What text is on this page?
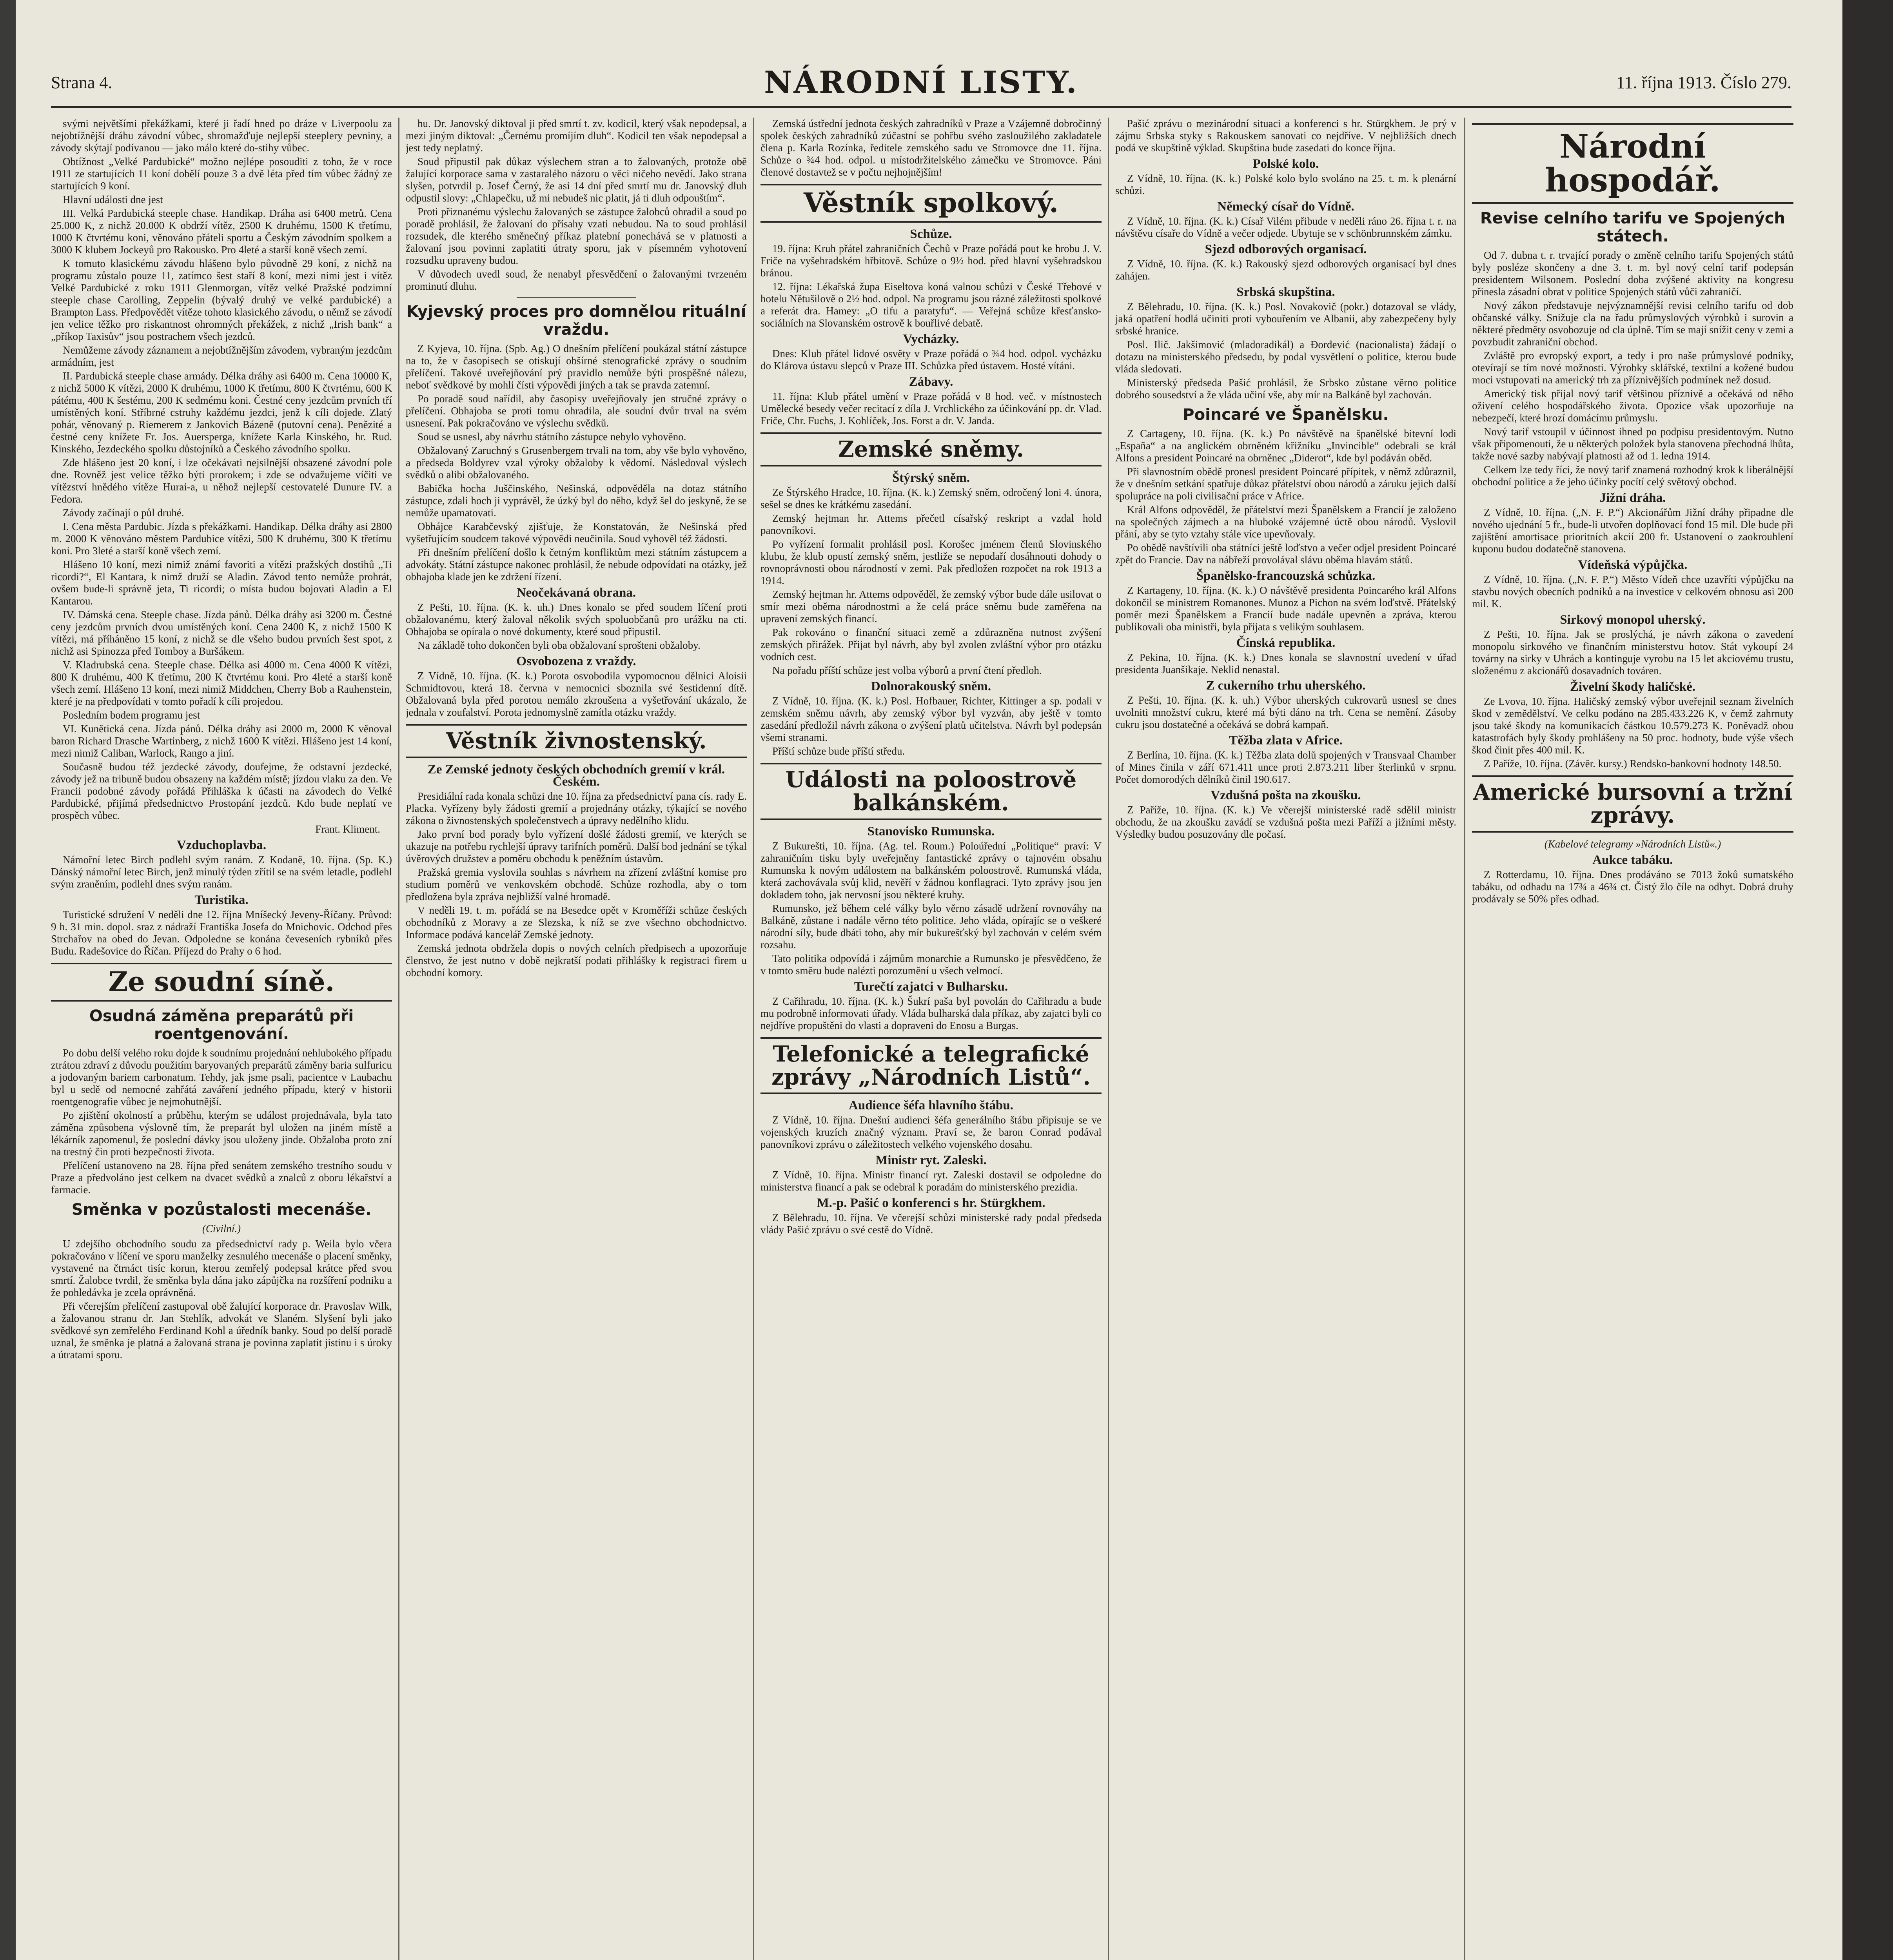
Strana 4.	NÁRODNÍ LISTY.	11. října 1913. Číslo 279.

svými největšími překážkami, které ji řadí hned po dráze v Liverpoolu za nejobtížnější dráhu závodní vůbec, shromažďuje nejlepší steeplery pevniny, a závody skýtají podívanou — jako málo které do-stihy vůbec.

Obtížnost „Velké Pardubické“ možno nejlépe posouditi z toho, že v roce 1911 ze startujících 11 koní dobělí pouze 3 a dvě léta před tím vůbec žádný ze startujících 9 koní.

Hlavní události dne jest

III. Velká Pardubická steeple chase. Handikap. Dráha asi 6400 metrů. Cena 25.000 K, z nichž 20.000 K obdrží vítěz, 2500 K druhému, 1500 K třetímu, 1000 K čtvrtému koni, věnováno přáteli sportu a Českým závodním spolkem a 3000 K klubem Jockeyů pro Rakousko. Pro 4leté a starší koně všech zemí.

K tomuto klasickému závodu hlášeno bylo původně 29 koní, z nichž na programu zůstalo pouze 11, zatímco šest staří 8 koní, mezi nimi jest i vítěz Velké Pardubické z roku 1911 Glenmorgan, vítěz velké Pražské podzimní steeple chase Carolling, Zeppelin (bývalý druhý ve velké pardubické) a Brampton Lass. Předpovědět vítěze tohoto klasického závodu, o němž se závodí jen velice těžko pro riskantnost ohromných překážek, z nichž „Irish bank“ a „příkop Taxisův“ jsou postrachem všech jezdců.

Nemůžeme závody záznamem a nejobtížnějším závodem, vybraným jezdcům armádním, jest

II. Pardubická steeple chase armády. Délka dráhy asi 6400 m. Cena 10000 K, z nichž 5000 K vítězi, 2000 K druhému, 1000 K třetímu, 800 K čtvrtému, 600 K pátému, 400 K šestému, 200 K sedmému koni. Čestné ceny jezdcům prvních tří umístěných koní. Stříbrné cstruhy každému jezdci, jenž k cíli dojede. Zlatý pohár, věnovaný p. Riemerem z Jankovich Bázeně (putovní cena). Penězité a čestné ceny knížete Fr. Jos. Auersperga, knížete Karla Kinského, hr. Rud. Kinského, Jezdeckého spolku důstojníků a Českého závodního spolku.

Zde hlášeno jest 20 koní, i lze očekávati nejsilnější obsazené závodní pole dne. Rovněž jest velice těžko býti prorokem; i zde se odvažujeme víčiti ve vítězství hnědého vítěze Hurai-a, u něhož nejlepší cestovatelé Dunure IV. a Fedora.

Závody začínají o půl druhé.

I. Cena města Pardubic. Jízda s překážkami. Handikap. Délka dráhy asi 2800 m. 2000 K věnováno městem Pardubice vítězi, 500 K druhému, 300 K třetímu koni. Pro 3leté a starší koně všech zemí.

Hlášeno 10 koní, mezi nimiž známí favoriti a vítězi pražských dostihů „Ti ricordi?“, El Kantara, k nimž druží se Aladin. Závod tento nemůže prohrát, ovšem bude-li správně jeta, Ti ricordi; o místa budou bojovati Aladin a El Kantarou.

IV. Dámská cena. Steeple chase. Jízda pánů. Délka dráhy asi 3200 m. Čestné ceny jezdcům prvních dvou umístěných koní. Cena 2400 K, z nichž 1500 K vítězi, má příháněno 15 koní, z nichž se dle všeho budou prvních šest spot, z nichž asi Spinozza před Tomboy a Buršákem.

V. Kladrubská cena. Steeple chase. Délka asi 4000 m. Cena 4000 K vítězi, 800 K druhému, 400 K třetímu, 200 K čtvrtému koni. Pro 4leté a starší koně všech zemí. Hlášeno 13 koní, mezi nimiž Middchen, Cherry Bob a Rauhenstein, které je na předpovídati v tomto pořadí k cíli projedou.

Posledním bodem programu jest

VI. Kunětická cena. Jízda pánů. Délka dráhy asi 2000 m, 2000 K věnoval baron Richard Drasche Wartinberg, z nichž 1600 K vítězi. Hlášeno jest 14 koní, mezi nimiž Caliban, Warlock, Rango a jiní.

Současně budou též jezdecké závody, doufejme, že odstavní jezdecké, závody jež na tribuně budou obsazeny na každém místě; jízdou vlaku za den. Ve Francii podobné závody pořádá Přihláška k účasti na závodech do Velké Pardubické, přijímá předsednictvo Prostopání jezdců. Kdo bude neplatí ve prospěch vůbec.

Frant. Kliment.

Vzduchoplavba.

Námořní letec Birch podlehl svým ranám. Z Kodaně, 10. října. (Sp. K.) Dánský námořní letec Birch, jenž minulý týden zřítil se na svém letadle, podlehl svým zraněním, podlehl dnes svým ranám.

Turistika.

Turistické sdružení V neděli dne 12. října Mníšecký Jeveny-Říčany. Průvod: 9 h. 31 min. dopol. sraz z nádraží Františka Josefa do Mnichovic. Odchod přes Strchařov na obed do Jevan. Odpoledne se konána čeveseních rybníků přes Budu. Radešovice do Říčan. Příjezd do Prahy o 6 hod.

Ze soudní síně.
Osudná záměna preparátů při roentgenování.

Po dobu delší velého roku dojde k soudnímu projednání nehlubokého případu ztrátou zdraví z důvodu použitím baryovaných preparátů záměny baria sulfuricu a jodovaným bariem carbonatum. Tehdy, jak jsme psali, pacientce v Laubachu byl u sedě od nemocné zahřátá zaváření jedného případu, který v historii roentgenografie vůbec je nejmohutnější.

Po zjištění okolností a průběhu, kterým se událost projednávala, byla tato záměna způsobena výslovně tím, že preparát byl uložen na jiném místě a lékárník zapomenul, že poslední dávky jsou uloženy jinde. Obžaloba proto zní na trestný čin proti bezpečnosti života.

Přelíčení ustanoveno na 28. října před senátem zemského trestního soudu v Praze a předvoláno jest celkem na dvacet svědků a znalců z oboru lékařství a farmacie.

Směnka v pozůstalosti mecenáše.

(Civilní.)

U zdejšího obchodního soudu za předsednictví rady p. Weila bylo včera pokračováno v líčení ve sporu manželky zesnulého mecenáše o placení směnky, vystavené na čtrnáct tisíc korun, kterou zemřelý podepsal krátce před svou smrtí. Žalobce tvrdil, že směnka byla dána jako zápůjčka na rozšíření podniku a že pohledávka je zcela oprávněná.

Při včerejším přelíčení zastupoval obě žalující korporace dr. Pravoslav Wilk, a žalovanou stranu dr. Jan Stehlík, advokát ve Slaném. Slyšení byli jako svědkové syn zemřelého Ferdinand Kohl a úředník banky. Soud po delší poradě uznal, že směnka je platná a žalovaná strana je povinna zaplatit jistinu i s úroky a útratami sporu.

hu. Dr. Janovský diktoval ji před smrtí t. zv. kodicil, který však nepodepsal, a mezi jiným diktoval: „Černému promíjím dluh“. Kodicil ten však nepodepsal a jest tedy neplatný.

Soud připustil pak důkaz výslechem stran a to žalovaných, protože obě žalující korporace sama v zastaralého názoru o věci ničeho nevědí. Jako strana slyšen, potvrdil p. Josef Černý, že asi 14 dní před smrtí mu dr. Janovský dluh odpustil slovy: „Chlapečku, už mi nebudeš nic platit, já ti dluh odpouštím“.

Proti přiznanému výslechu žalovaných se zástupce žalobců ohradil a soud po poradě prohlásil, že žalovaní do přísahy vzati nebudou. Na to soud prohlásil rozsudek, dle kterého směnečný příkaz platební ponechává se v platnosti a žalovaní jsou povinni zaplatiti útraty sporu, jak v písemném vyhotovení rozsudku upraveny budou.

V důvodech uvedl soud, že nenabyl přesvědčení o žalovanými tvrzeném prominutí dluhu.

Kyjevský proces pro domnělou rituální vraždu.

Z Kyjeva, 10. října. (Spb. Ag.) O dnešním přelíčení poukázal státní zástupce na to, že v časopisech se otiskují obšírné stenografické zprávy o soudním přelíčení. Takové uveřejňování prý pravidlo nemůže býti prospěšné nálezu, neboť svědkové by mohli čísti výpovědi jiných a tak se pravda zatemní.

Po poradě soud nařídil, aby časopisy uveřejňovaly jen stručné zprávy o přelíčení. Obhajoba se proti tomu ohradila, ale soudní dvůr trval na svém usnesení. Pak pokračováno ve výslechu svědků.

Soud se usnesl, aby návrhu státního zástupce nebylo vyhověno.

Obžalovaný Zaruchný s Grusenbergem trvali na tom, aby vše bylo vyhověno, a předseda Boldyrev vzal výroky obžaloby k vědomí. Následoval výslech svědků o alibi obžalovaného.

Babička hocha Juščinského, Nešinská, odpověděla na dotaz státního zástupce, zdali hoch ji vyprávěl, že úzký byl do něho, když šel do jeskyně, že se nemůže upamatovati.

Obhájce Karabčevský zjišťuje, že Konstatován, že Nešinská před vyšetřujícím soudcem takové výpovědi neučinila. Soud vyhověl též žádosti.

Při dnešním přelíčení došlo k četným konfliktům mezi státním zástupcem a advokáty. Státní zástupce nakonec prohlásil, že nebude odpovídati na otázky, jež obhajoba klade jen ke zdržení řízení.

Neočekávaná obrana.

Z Pešti, 10. října. (K. k. uh.) Dnes konalo se před soudem líčení proti obžalovanému, který žaloval několik svých spoluobčanů pro urážku na cti. Obhajoba se opírala o nové dokumenty, které soud připustil.

Na základě toho dokončen byli oba obžalovaní sprošteni obžaloby.

Osvobozena z vraždy.

Z Vídně, 10. října. (K. k.) Porota osvobodila vypomocnou dělnici Aloisii Schmidtovou, která 18. června v nemocnici sboznila své šestidenní dítě. Obžalovaná byla před porotou nemálo zkroušena a vyšetřování ukázalo, že jednala v zoufalství. Porota jednomyslně zamítla otázku vraždy.

Věstník živnostenský.
Ze Zemské jednoty českých obchodních gremií v král. Českém.

Presidiální rada konala schůzi dne 10. října za předsednictví pana cís. rady E. Placka. Vyřízeny byly žádosti gremií a projednány otázky, týkající se nového zákona o živnostenských společenstvech a úpravy nedělního klidu.

Jako první bod porady bylo vyřízení došlé žádosti gremií, ve kterých se ukazuje na potřebu rychlejší úpravy tarifních poměrů. Další bod jednání se týkal úvěrových družstev a poměru obchodu k peněžním ústavům.

Pražská gremia vyslovila souhlas s návrhem na zřízení zvláštní komise pro studium poměrů ve venkovském obchodě. Schůze rozhodla, aby o tom předložena byla zpráva nejbližší valné hromadě.

V neděli 19. t. m. pořádá se na Besedce opět v Kroměříži schůze českých obchodníků z Moravy a ze Slezska, k níž se zve všechno obchodnictvo. Informace podává kancelář Zemské jednoty.

Zemská jednota obdržela dopis o nových celních předpisech a upozorňuje členstvo, že jest nutno v době nejkratší podati přihlášky k registraci firem u obchodní komory.

Zemská ústřední jednota českých zahradníků v Praze a Vzájemně dobročinný spolek českých zahradníků zúčastní se pohřbu svého zasloužilého zakladatele člena p. Karla Rozínka, ředitele zemského sadu ve Stromovce dne 11. října. Schůze o ¾4 hod. odpol. u místodržitelského zámečku ve Stromovce. Páni členové dostavtež se v počtu nejhojnějším!

Věstník spolkový.
Schůze.

19. října: Kruh přátel zahraničních Čechů v Praze pořádá pout ke hrobu J. V. Friče na vyšehradském hřbitově. Schůze o 9½ hod. před hlavní vyšehradskou bránou.

12. října: Lékařská župa Eiseltova koná valnou schůzi v České Třebové v hotelu Nětušilově o 2½ hod. odpol. Na programu jsou rázné záležitosti spolkové a referát dra. Hamey: „O tifu a paratyfu“. — Veřejná schůze křesťansko-sociálních na Slovanském ostrově k bouřlivé debatě.

Vycházky.

Dnes: Klub přátel lidové osvěty v Praze pořádá o ¾4 hod. odpol. vycházku do Klárova ústavu slepců v Praze III. Schůzka před ústavem. Hosté vítáni.

Zábavy.

11. října: Klub přátel umění v Praze pořádá v 8 hod. več. v místnostech Umělecké besedy večer recitací z díla J. Vrchlického za účinkování pp. dr. Vlad. Friče, Chr. Fuchs, J. Kohlíček, Jos. Forst a dr. V. Janda.

Zemské sněmy.
Štýrský sněm.

Ze Štýrského Hradce, 10. října. (K. k.) Zemský sněm, odročený loni 4. února, sešel se dnes ke krátkému zasedání.

Zemský hejtman hr. Attems přečetl císařský reskript a vzdal hold panovníkovi.

Po vyřízení formalit prohlásil posl. Korošec jménem členů Slovinského klubu, že klub opustí zemský sněm, jestliže se nepodaří dosáhnouti dohody o rovnoprávnosti obou národností v zemi. Pak předložen rozpočet na rok 1913 a 1914.

Zemský hejtman hr. Attems odpověděl, že zemský výbor bude dále usilovat o smír mezi oběma národnostmi a že celá práce sněmu bude zaměřena na upravení zemských financí.

Pak rokováno o finanční situaci země a zdůrazněna nutnost zvýšení zemských přirážek. Přijat byl návrh, aby byl zvolen zvláštní výbor pro otázku vodních cest.

Na pořadu příští schůze jest volba výborů a první čtení předloh.

Dolnorakouský sněm.

Z Vídně, 10. října. (K. k.) Posl. Hofbauer, Richter, Kittinger a sp. podali v zemském sněmu návrh, aby zemský výbor byl vyzván, aby ještě v tomto zasedání předložil návrh zákona o zvýšení platů učitelstva. Návrh byl podepsán všemi stranami.

Příští schůze bude příští středu.

Události na poloostrově balkánském.
Stanovisko Rumunska.

Z Bukurešti, 10. října. (Ag. tel. Roum.) Poloúřední „Politique“ praví: V zahraničním tisku byly uveřejněny fantastické zprávy o tajnovém obsahu Rumunska k novým událostem na balkánském poloostrově. Rumunská vláda, která zachovávala svůj klid, nevěří v žádnou konflagraci. Tyto zprávy jsou jen dokladem toho, jak nervosní jsou některé kruhy.

Rumunsko, jež během celé války bylo věrno zásadě udržení rovnováhy na Balkáně, zůstane i nadále věrno této politice. Jeho vláda, opírajíc se o veškeré národní síly, bude dbáti toho, aby mír bukurešťský byl zachován v celém svém rozsahu.

Tato politika odpovídá i zájmům monarchie a Rumunsko je přesvědčeno, že v tomto směru bude nalézti porozumění u všech velmocí.

Turečtí zajatci v Bulharsku.

Z Cařihradu, 10. října. (K. k.) Šukrí paša byl povolán do Cařihradu a bude mu podrobně informovati úřady. Vláda bulharská dala příkaz, aby zajatci byli co nejdříve propuštěni do vlasti a dopraveni do Enosu a Burgas.

Telefonické a telegrafické zprávy „Národních Listů“.
Audience šéfa hlavního štábu.

Z Vídně, 10. října. Dnešní audienci šéfa generálního štábu připisuje se ve vojenských kruzích značný význam. Praví se, že baron Conrad podával panovníkovi zprávu o záležitostech velkého vojenského dosahu.

Ministr ryt. Zaleski.

Z Vídně, 10. října. Ministr financí ryt. Zaleski dostavil se odpoledne do ministerstva financí a pak se odebral k poradám do ministerského prezidia.

M.-p. Pašić o konferenci s hr. Stürgkhem.

Z Bělehradu, 10. října. Ve včerejší schůzi ministerské rady podal předseda vlády Pašić zprávu o své cestě do Vídně.

Pašić zprávu o mezinárodní situaci a konferenci s hr. Stürgkhem. Je prý v zájmu Srbska styky s Rakouskem sanovati co nejdříve. V nejbližších dnech podá ve skupštině výklad. Skupština bude zasedati do konce října.

Polské kolo.

Z Vídně, 10. října. (K. k.) Polské kolo bylo svoláno na 25. t. m. k plenární schůzi.

Německý císař do Vídně.

Z Vídně, 10. října. (K. k.) Císař Vilém přibude v neděli ráno 26. října t. r. na návštěvu císaře do Vídně a večer odjede. Ubytuje se v schönbrunnském zámku.

Sjezd odborových organisací.

Z Vídně, 10. října. (K. k.) Rakouský sjezd odborových organisací byl dnes zahájen.

Srbská skupština.

Z Bělehradu, 10. října. (K. k.) Posl. Novakovič (pokr.) dotazoval se vlády, jaká opatření hodlá učiniti proti vybouřením ve Albanii, aby zabezpečeny byly srbské hranice.

Posl. Ilič. Jakšimović (mladoradikál) a Đorđević (nacionalista) žádají o dotazu na ministerského předsedu, by podal vysvětlení o politice, kterou bude vláda sledovati.

Ministerský předseda Pašić prohlásil, že Srbsko zůstane věrno politice dobrého sousedství a že vláda učiní vše, aby mír na Balkáně byl zachován.

Poincaré ve Španělsku.

Z Cartageny, 10. října. (K. k.) Po návštěvě na španělské bitevní lodi „España“ a na anglickém obrněném křižníku „Invincible“ odebrali se král Alfons a president Poincaré na obrněnec „Diderot“, kde byl podáván oběd.

Při slavnostním obědě pronesl president Poincaré přípitek, v němž zdůraznil, že v dnešním setkání spatřuje důkaz přátelství obou národů a záruku jejich další spolupráce na poli civilisační práce v Africe.

Král Alfons odpověděl, že přátelství mezi Španělskem a Francií je založeno na společných zájmech a na hluboké vzájemné úctě obou národů. Vyslovil přání, aby se tyto vztahy stále více upevňovaly.

Po obědě navštívili oba státníci ještě loďstvo a večer odjel president Poincaré zpět do Francie. Dav na nábřeží provolával slávu oběma hlavám států.

Španělsko-francouzská schůzka.

Z Kartageny, 10. října. (K. k.) O návštěvě presidenta Poincarého král Alfons dokončil se ministrem Romanones. Munoz a Pichon na svém loďstvě. Přátelský poměr mezi Španělskem a Francií bude nadále upevněn a zpráva, kterou publikovali oba ministři, byla přijata s velikým souhlasem.

Čínská republika.

Z Pekina, 10. října. (K. k.) Dnes konala se slavnostní uvedení v úřad presidenta Juanšikaje. Neklid nenastal.

Z cukerního trhu uherského.

Z Pešti, 10. října. (K. k. uh.) Výbor uherských cukrovarů usnesl se dnes uvolniti množství cukru, které má býti dáno na trh. Cena se nemění. Zásoby cukru jsou dostatečné a očekává se dobrá kampaň.

Těžba zlata v Africe.

Z Berlína, 10. října. (K. k.) Těžba zlata dolů spojených v Transvaal Chamber of Mines činila v září 671.411 unce proti 2.873.211 liber šterlinků v srpnu. Počet domorodých dělníků činil 190.617.

Vzdušná pošta na zkoušku.

Z Paříže, 10. října. (K. k.) Ve včerejší ministerské radě sdělil ministr obchodu, že na zkoušku zavádí se vzdušná pošta mezi Paříží a jižními městy. Výsledky budou posuzovány dle počasí.

Národní hospodář.
Revise celního tarifu ve Spojených státech.

Od 7. dubna t. r. trvající porady o změně celního tarifu Spojených států byly posléze skončeny a dne 3. t. m. byl nový celní tarif podepsán presidentem Wilsonem. Poslední doba zvýšené aktivity na kongresu přinesla zásadní obrat v politice Spojených států vůči zahraničí.

Nový zákon představuje nejvýznamnější revisi celního tarifu od dob občanské války. Snižuje cla na řadu průmyslových výrobků i surovin a některé předměty osvobozuje od cla úplně. Tím se mají snížit ceny v zemi a povzbudit zahraniční obchod.

Zvláště pro evropský export, a tedy i pro naše průmyslové podniky, otevírají se tím nové možnosti. Výrobky sklářské, textilní a kožené budou moci vstupovati na americký trh za příznivějších podmínek než dosud.

Americký tisk přijal nový tarif většinou příznivě a očekává od něho oživení celého hospodářského života. Opozice však upozorňuje na nebezpečí, které hrozí domácímu průmyslu.

Nový tarif vstoupil v účinnost ihned po podpisu presidentovým. Nutno však připomenouti, že u některých položek byla stanovena přechodná lhůta, takže nové sazby nabývají platnosti až od 1. ledna 1914.

Celkem lze tedy říci, že nový tarif znamená rozhodný krok k liberálnější obchodní politice a že jeho účinky pocítí celý světový obchod.

Jižní dráha.

Z Vídně, 10. října. („N. F. P.“) Akcionářům Jižní dráhy připadne dle nového ujednání 5 fr., bude-li utvořen doplňovací fond 15 mil. Dle bude při zajištění amortisace prioritních akcií 200 fr. Ustanovení o zaokrouhlení kuponu budou dodatečně stanovena.

Vídeňská výpůjčka.

Z Vídně, 10. října. („N. F. P.“) Město Vídeň chce uzavříti výpůjčku na stavbu nových obecních podniků a na investice v celkovém obnosu asi 200 mil. K.

Sirkový monopol uherský.

Z Pešti, 10. října. Jak se proslýchá, je návrh zákona o zavedení monopolu sirkového ve finančním ministerstvu hotov. Stát vykoupí 24 továrny na sirky v Uhrách a kontinguje vyrobu na 15 let akciovému trustu, složenému z akcionářů dosavadních továren.

Živelní škody haličské.

Ze Lvova, 10. října. Haličský zemský výbor uveřejnil seznam živelních škod v zemědělství. Ve celku podáno na 285.433.226 K, v čemž zahrnuty jsou také škody na komunikacích částkou 10.579.273 K. Poněvadž obou katastrofách byly škody prohlášeny na 50 proc. hodnoty, bude výše všech škod činit přes 400 mil. K.

Z Paříže, 10. října. (Závěr. kursy.) Rendsko-bankovní hodnoty 148.50.

Americké bursovní a tržní zprávy.

(Kabelové telegramy »Národních Listů«.)

Aukce tabáku.

Z Rotterdamu, 10. října. Dnes prodáváno se 7013 žoků sumatského tabáku, od odhadu na 17¾ a 46¾ ct. Čistý žlo číle na odhyt. Dobrá druhy prodávaly se 50% přes odhad.
